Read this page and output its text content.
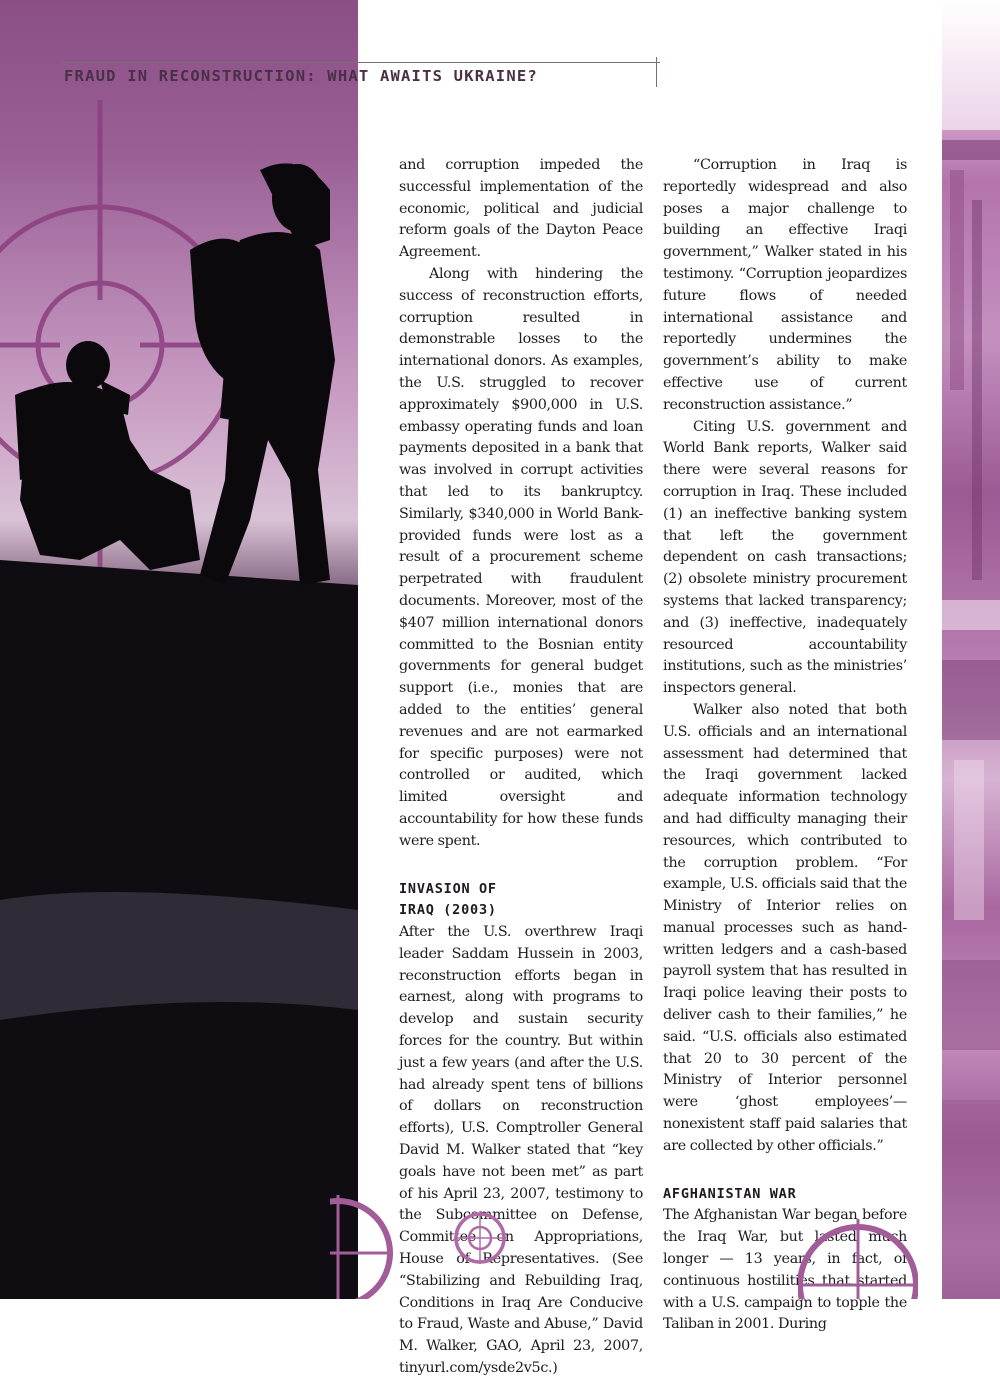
FRAUD IN RECONSTRUCTION: WHAT AWAITS UKRAINE?

and corruption impeded the successful implementation of the economic, political and judicial reform goals of the Dayton Peace Agreement.

Along with hindering the success of reconstruction efforts, corruption resulted in demonstrable losses to the international donors. As examples, the U.S. struggled to recover approximately $900,000 in U.S. embassy operating funds and loan payments deposited in a bank that was involved in corrupt activities that led to its bankruptcy. Similarly, $340,000 in World Bank-provided funds were lost as a result of a procurement scheme perpetrated with fraudulent documents. Moreover, most of the $407 million international donors committed to the Bosnian entity governments for general budget support (i.e., monies that are added to the entities’ general revenues and are not earmarked for specific purposes) were not controlled or audited, which limited oversight and accountability for how these funds were spent.

INVASION OF
IRAQ (2003)

After the U.S. overthrew Iraqi leader Saddam Hussein in 2003, reconstruction efforts began in earnest, along with programs to develop and sustain security forces for the country. But within just a few years (and after the U.S. had already spent tens of billions of dollars on reconstruction efforts), U.S. Comptroller General David M. Walker stated that “key goals have not been met” as part of his April 23, 2007, testimony to the Subcommittee on Defense, Committee on Appropriations, House of Representatives. (See “Stabilizing and Rebuilding Iraq, Conditions in Iraq Are Conducive to Fraud, Waste and Abuse,” David M. Walker, GAO, April 23, 2007, tinyurl.com/ysde2v5c.)

“Corruption in Iraq is reportedly widespread and also poses a major challenge to building an effective Iraqi government,” Walker stated in his testimony. “Corruption jeopardizes future flows of needed international assistance and reportedly undermines the government’s ability to make effective use of current reconstruction assistance.”

Citing U.S. government and World Bank reports, Walker said there were several reasons for corruption in Iraq. These included (1) an ineffective banking system that left the government dependent on cash transactions; (2) obsolete ministry procurement systems that lacked transparency; and (3) ineffective, inadequately resourced accountability institutions, such as the ministries’ inspectors general.

Walker also noted that both U.S. officials and an international assessment had determined that the Iraqi government lacked adequate information technology and had difficulty managing their resources, which contributed to the corruption problem. “For example, U.S. officials said that the Ministry of Interior relies on manual processes such as hand-written ledgers and a cash-based payroll system that has resulted in Iraqi police leaving their posts to deliver cash to their families,” he said. “U.S. officials also estimated that 20 to 30 percent of the Ministry of Interior personnel were ‘ghost employees’—nonexistent staff paid salaries that are collected by other officials.”

AFGHANISTAN WAR

The Afghanistan War began before the Iraq War, but lasted much longer — 13 years, in fact, of continuous hostilities that started with a U.S. campaign to topple the Taliban in 2001. During
